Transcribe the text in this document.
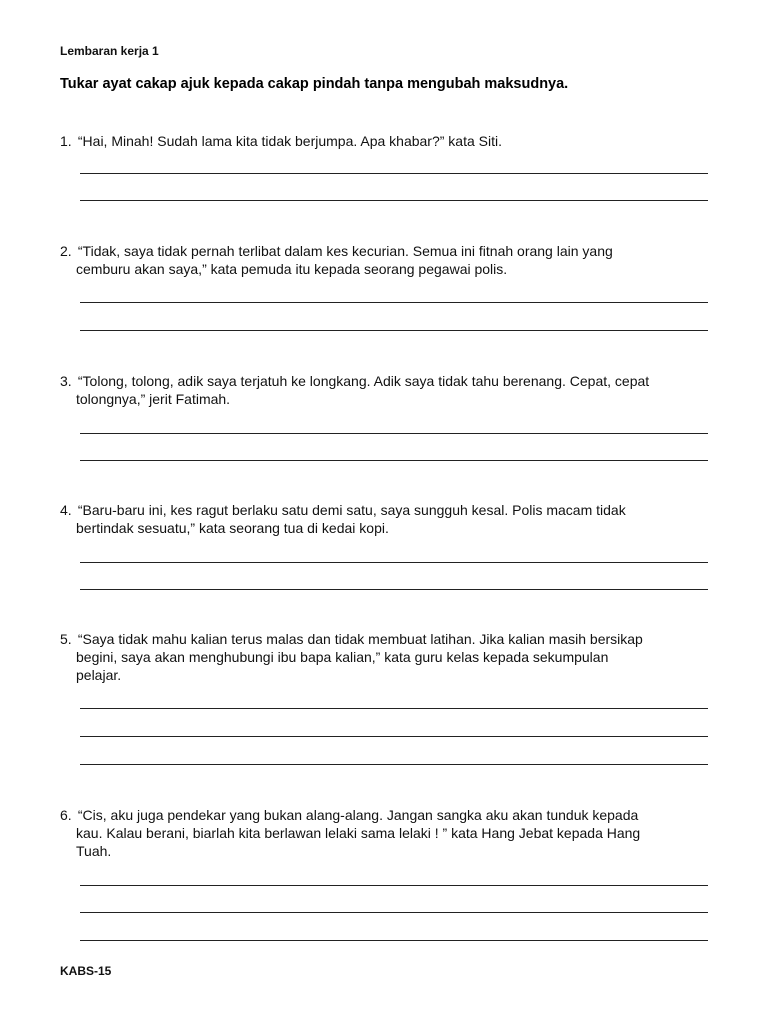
Lembaran kerja 1
Tukar ayat cakap ajuk kepada cakap pindah tanpa mengubah maksudnya.
1. “Hai, Minah! Sudah lama kita tidak berjumpa. Apa khabar?” kata Siti.
2. “Tidak, saya tidak pernah terlibat dalam kes kecurian. Semua ini fitnah orang lain yang
cemburu akan saya,” kata pemuda itu kepada seorang pegawai polis.
3. “Tolong, tolong, adik saya terjatuh ke longkang. Adik saya tidak tahu berenang. Cepat, cepat
tolongnya,” jerit Fatimah.
4. “Baru-baru ini, kes ragut berlaku satu demi satu, saya sungguh kesal. Polis macam tidak
bertindak sesuatu,” kata seorang tua di kedai kopi.
5. “Saya tidak mahu kalian terus malas dan tidak membuat latihan. Jika kalian masih bersikap
begini, saya akan menghubungi ibu bapa kalian,” kata guru kelas kepada sekumpulan
pelajar.
6. “Cis, aku juga pendekar yang bukan alang-alang. Jangan sangka aku akan tunduk kepada
kau. Kalau berani, biarlah kita berlawan lelaki sama lelaki ! ” kata Hang Jebat kepada Hang
Tuah.
KABS-15
